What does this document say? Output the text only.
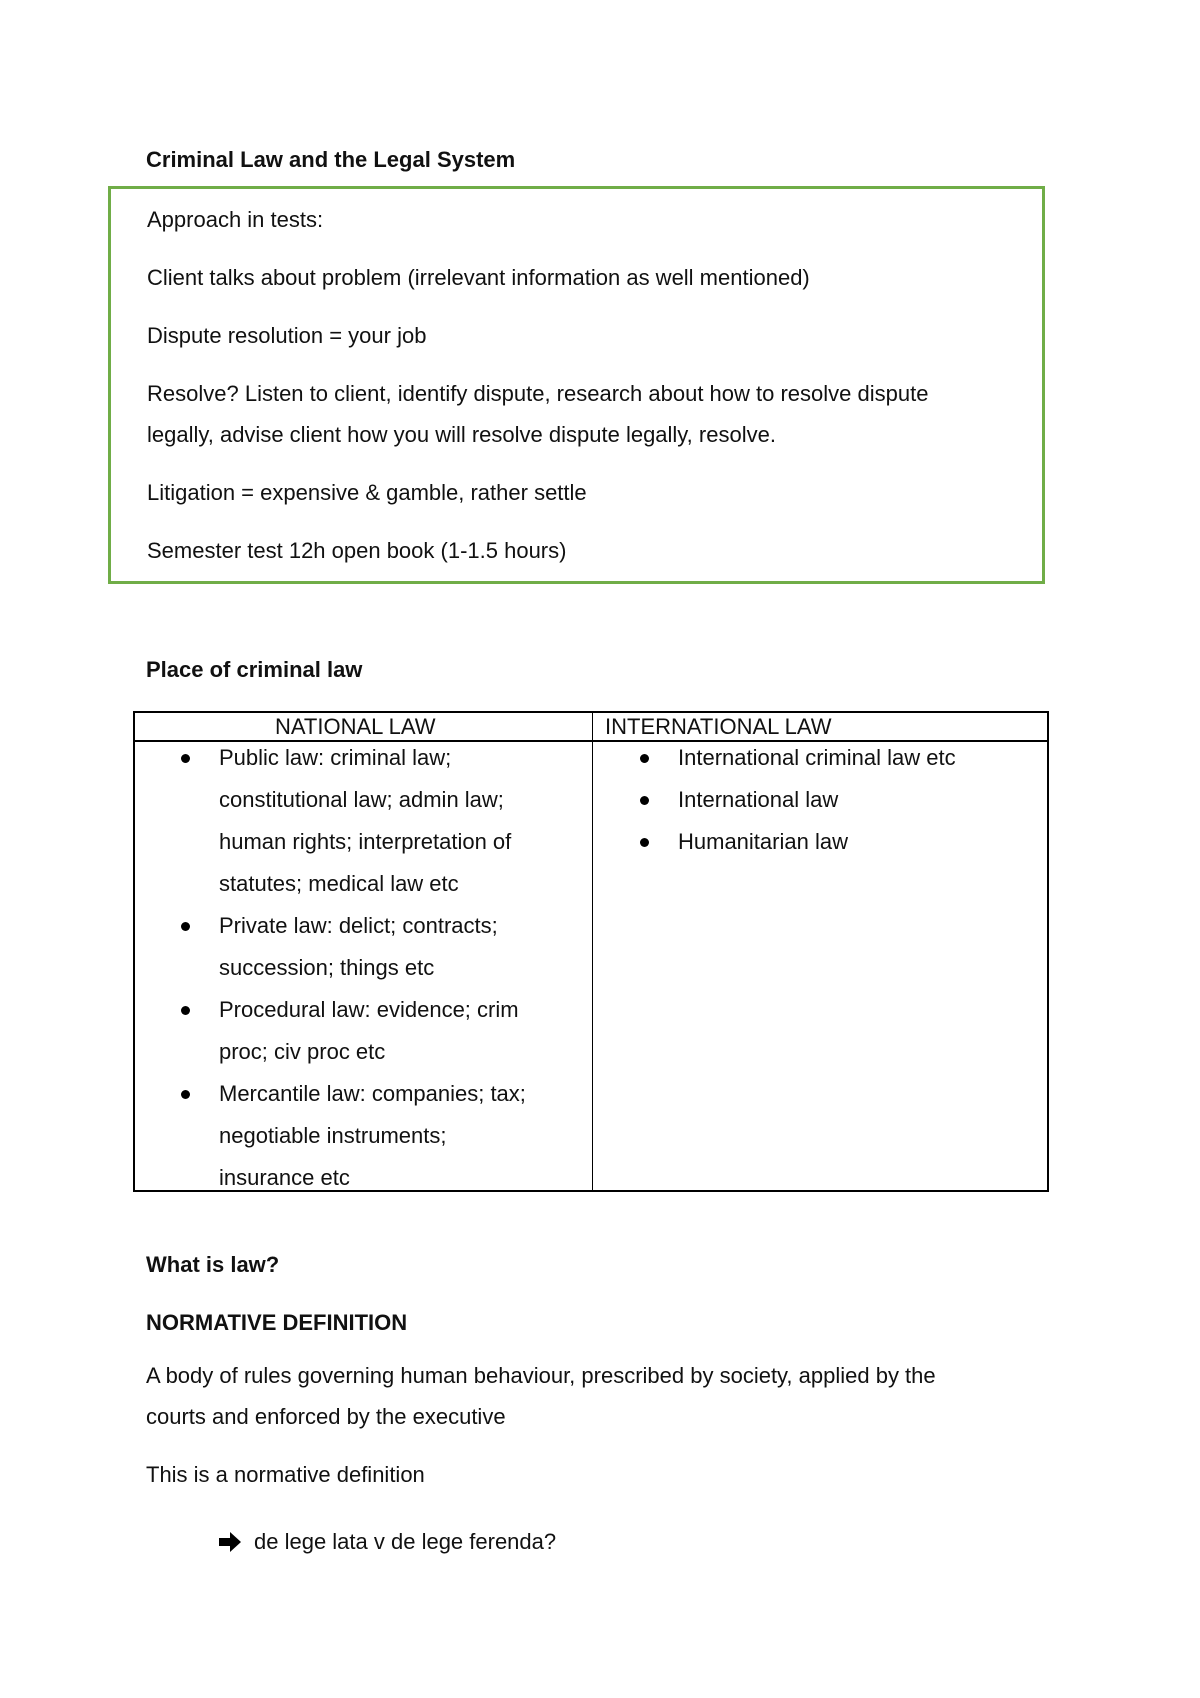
Criminal Law and the Legal System

Approach in tests:
Client talks about problem (irrelevant information as well mentioned)
Dispute resolution = your job
Resolve? Listen to client, identify dispute, research about how to resolve dispute
legally, advise client how you will resolve dispute legally, resolve.
Litigation = expensive & gamble, rather settle
Semester test 12h open book (1-1.5 hours)

Place of criminal law

NATIONAL LAW	INTERNATIONAL LAW
Public law: criminal law;
constitutional law; admin law;
human rights; interpretation of
statutes; medical law etc
Private law: delict; contracts;
succession; things etc
Procedural law: evidence; crim
proc; civ proc etc
Mercantile law: companies; tax;
negotiable instruments;
insurance etc
International criminal law etc
International law
Humanitarian law

What is law?

NORMATIVE DEFINITION

A body of rules governing human behaviour, prescribed by society, applied by the

courts and enforced by the executive

This is a normative definition

de lege lata v de lege ferenda?
